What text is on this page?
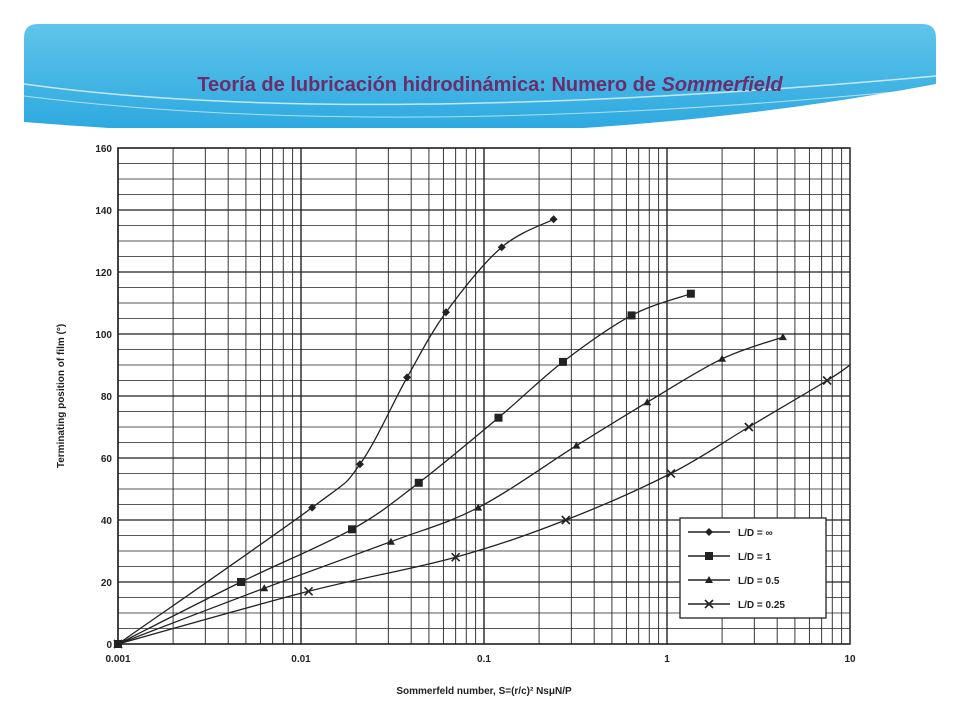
Teoría de lubricación hidrodinámica: Numero de Sommerfield
0.001	0.01	0.1	1	10
0
20
40
60
80
100
120
140
160
L/D = ∞
L/D = 1
L/D = 0.5
L/D = 0.25
Sommerfeld number, S=(r/c)² NsμN/P
Terminating position of film (°)
